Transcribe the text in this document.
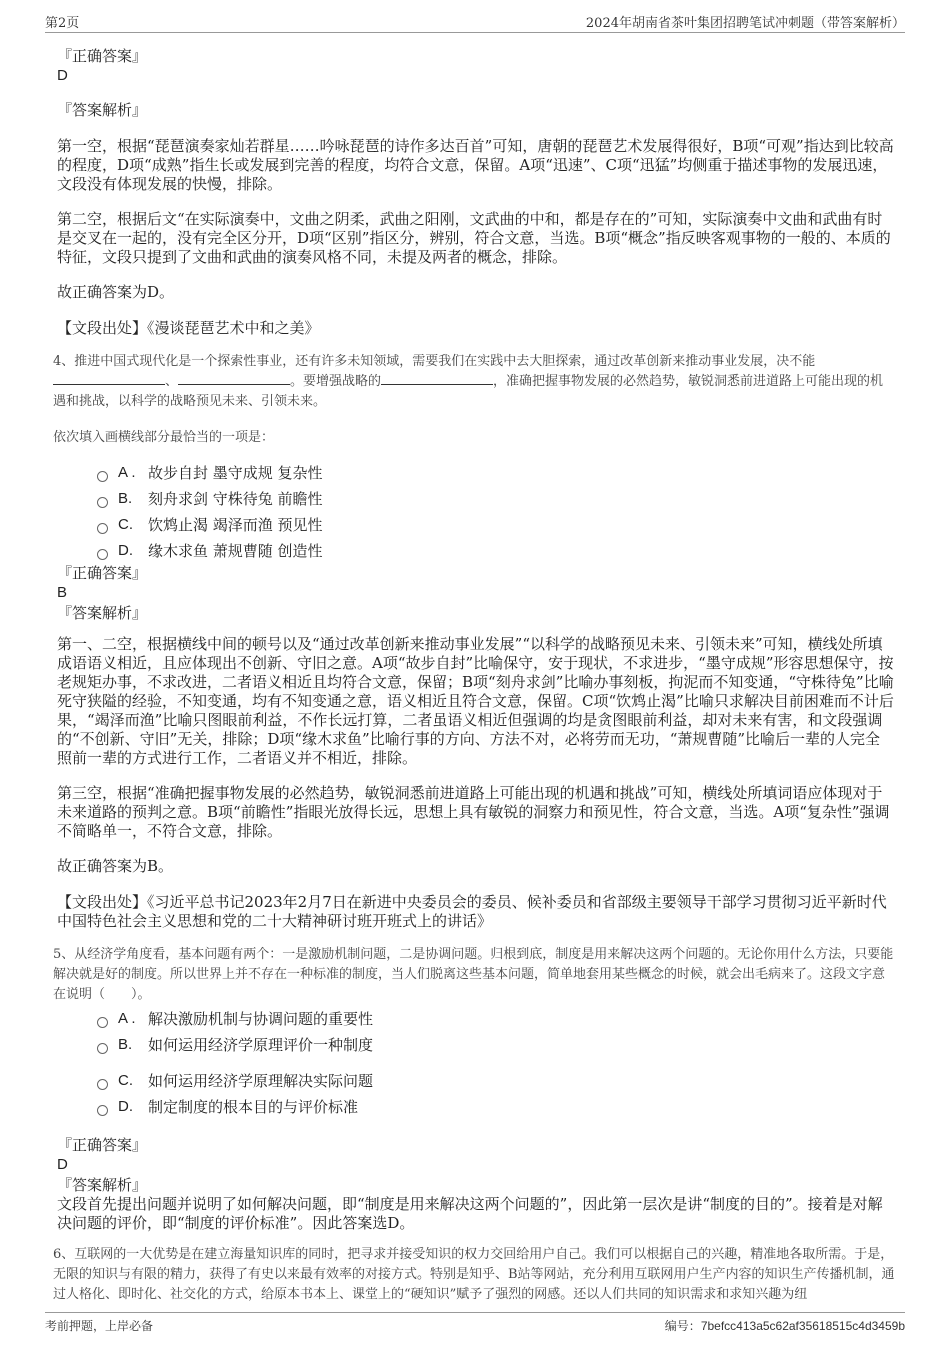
第2页	2024年胡南省茶叶集团招聘笔试冲刺题（带答案解析）

『正确答案』

D

『答案解析』

第一空，根据“琵琶演奏家灿若群星……吟咏琵琶的诗作多达百首”可知，唐朝的琵琶艺术发展得很好，B项“可观”指达到比较高的程度，D项“成熟”指生长或发展到完善的程度，均符合文意，保留。A项“迅速”、C项“迅猛”均侧重于描述事物的发展迅速，文段没有体现发展的快慢，排除。

第二空，根据后文“在实际演奏中，文曲之阴柔，武曲之阳刚，文武曲的中和，都是存在的”可知，实际演奏中文曲和武曲有时是交叉在一起的，没有完全区分开，D项“区别”指区分，辨别，符合文意，当选。B项“概念”指反映客观事物的一般的、本质的特征，文段只提到了文曲和武曲的演奏风格不同，未提及两者的概念，排除。

故正确答案为D。

【文段出处】《漫谈琵琶艺术中和之美》

4、推进中国式现代化是一个探索性事业，还有许多未知领域，需要我们在实践中去大胆探索，通过改革创新来推动事业发展，决不能
、	。要增强战略的	，准确把握事物发展的必然趋势，敏锐洞悉前进道路上可能出现的机遇和挑战，以科学的战略预见未来、引领未来。

依次填入画横线部分最恰当的一项是：

A . 故步自封 墨守成规 复杂性
B.	刻舟求剑 守株待兔 前瞻性
C.	饮鸩止渴 竭泽而渔 预见性
D.	缘木求鱼 萧规曹随 创造性

『正确答案』

B

『答案解析』

第一、二空，根据横线中间的顿号以及“通过改革创新来推动事业发展”“以科学的战略预见未来、引领未来”可知，横线处所填成语语义相近，且应体现出不创新、守旧之意。A项“故步自封”比喻保守，安于现状，不求进步，“墨守成规”形容思想保守，按老规矩办事，不求改进，二者语义相近且均符合文意，保留；B项“刻舟求剑”比喻办事刻板，拘泥而不知变通，“守株待兔”比喻死守狭隘的经验，不知变通，均有不知变通之意，语义相近且符合文意，保留。C项“饮鸩止渴”比喻只求解决目前困难而不计后果，“竭泽而渔”比喻只图眼前利益，不作长远打算，二者虽语义相近但强调的均是贪图眼前利益，却对未来有害，和文段强调的“不创新、守旧”无关，排除；D项“缘木求鱼”比喻行事的方向、方法不对，必将劳而无功，“萧规曹随”比喻后一辈的人完全照前一辈的方式进行工作，二者语义并不相近，排除。

第三空，根据“准确把握事物发展的必然趋势，敏锐洞悉前进道路上可能出现的机遇和挑战”可知，横线处所填词语应体现对于未来道路的预判之意。B项“前瞻性”指眼光放得长远，思想上具有敏锐的洞察力和预见性，符合文意，当选。A项“复杂性”强调不简略单一，不符合文意，排除。

故正确答案为B。

【文段出处】《习近平总书记2023年2月7日在新进中央委员会的委员、候补委员和省部级主要领导干部学习贯彻习近平新时代中国特色社会主义思想和党的二十大精神研讨班开班式上的讲话》

5、从经济学角度看，基本问题有两个：一是激励机制问题，二是协调问题。归根到底，制度是用来解决这两个问题的。无论你用什么方法，只要能解决就是好的制度。所以世界上并不存在一种标准的制度，当人们脱离这些基本问题，简单地套用某些概念的时候，就会出毛病来了。这段文字意在说明（　　）。

A . 解决激励机制与协调问题的重要性
B.	如何运用经济学原理评价一种制度
C.	如何运用经济学原理解决实际问题
D.	制定制度的根本目的与评价标准

『正确答案』

D

『答案解析』

文段首先提出问题并说明了如何解决问题，即“制度是用来解决这两个问题的”，因此第一层次是讲“制度的目的”。接着是对解决问题的评价，即“制度的评价标准”。因此答案选D。

6、互联网的一大优势是在建立海量知识库的同时，把寻求并接受知识的权力交回给用户自己。我们可以根据自己的兴趣，精准地各取所需。于是，无限的知识与有限的精力，获得了有史以来最有效率的对接方式。特别是知乎、B站等网站，充分利用互联网用户生产内容的知识生产传播机制，通过人格化、即时化、社交化的方式，给原本书本上、课堂上的“硬知识”赋予了强烈的网感。还以人们共同的知识需求和求知兴趣为纽

考前押题，上岸必备	编号：7befcc413a5c62af35618515c4d3459b
